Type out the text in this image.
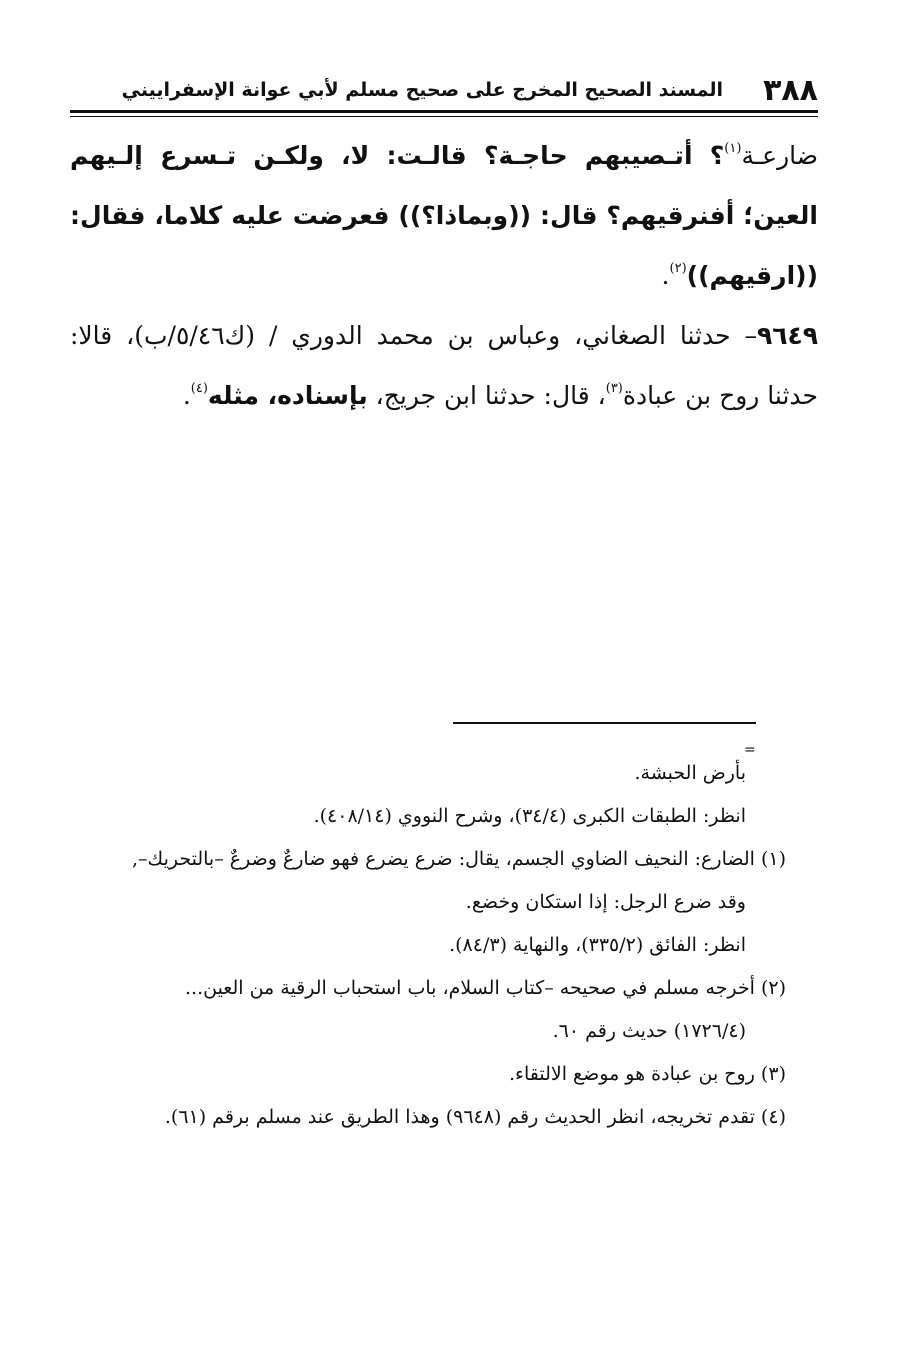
٣٨٨
المسند الصحيح المخرج على صحيح مسلم لأبي عوانة الإسفراييني

ضارعـة$^{(١)}$؟ أتـصيبهم حاجـة؟ قالـت: لا، ولكـن تـسرع إلـيهم العين؛ أفنرقيهم؟ قال: ((وبماذا؟)) فعرضت عليه كلاما، فقال: ((ارقيهم))$^{(٢)}$.

٩٦٤٩– حدثنا الصغاني، وعباس بن محمد الدوري / (ك٥/٤٦/ب)، قالا: حدثنا روح بن عبادة$^{(٣)}$، قال: حدثنا ابن جريج، بإسناده، مثله$^{(٤)}$.

=

بأرض الحبشة.

انظر: الطبقات الكبرى (٣٤/٤)، وشرح النووي (٤٠٨/١٤).

(١) الضارع: النحيف الضاوي الجسم، يقال: ضرع يضرع فهو ضارعٌ وضرعٌ –بالتحريك–,

وقد ضرع الرجل: إذا استكان وخضع.

انظر: الفائق (٣٣٥/٢)، والنهاية (٨٤/٣).

(٢) أخرجه مسلم في صحيحه –كتاب السلام، باب استحباب الرقية من العين...

(١٧٢٦/٤) حديث رقم ٦٠.

(٣) روح بن عبادة هو موضع الالتقاء.

(٤) تقدم تخريجه، انظر الحديث رقم (٩٦٤٨) وهذا الطريق عند مسلم برقم (٦١).
